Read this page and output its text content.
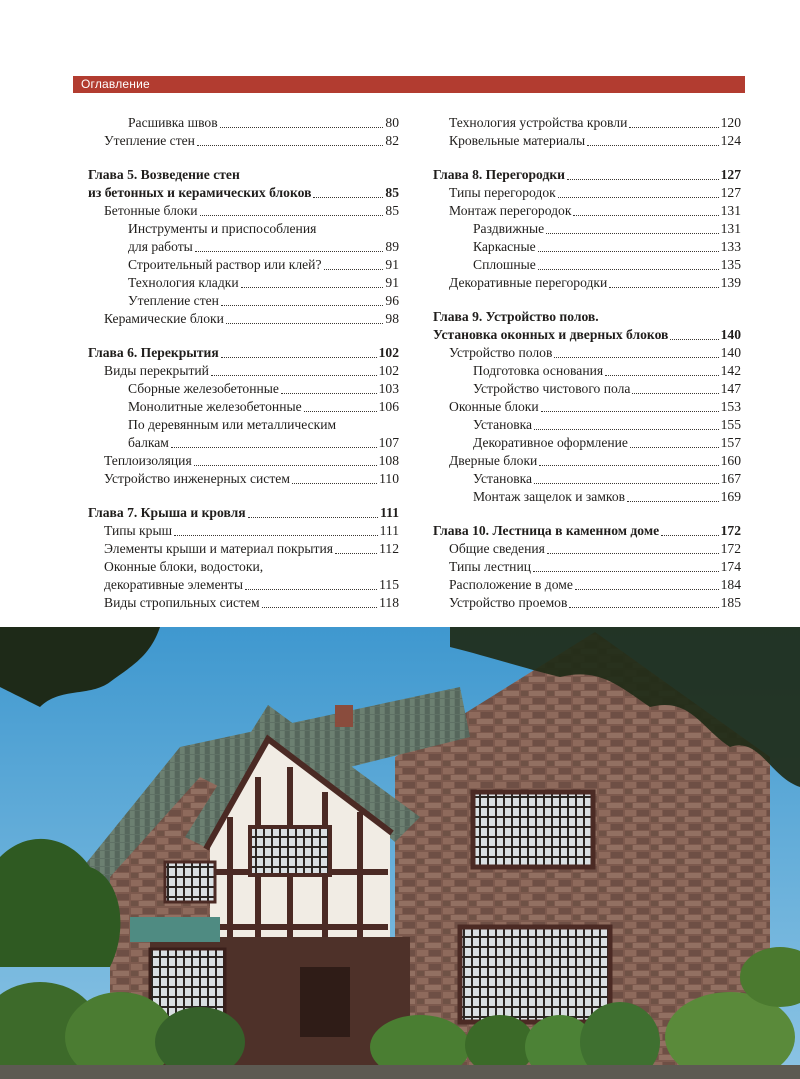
Оглавление
Расшивка швов	80
Утепление стен	82
Глава 5. Возведение стен
из бетонных и керамических блоков	85
Бетонные блоки	85
Инструменты и приспособления
для работы	89
Строительный раствор или клей?	91
Технология кладки	91
Утепление стен	96
Керамические блоки	98
Глава 6. Перекрытия	102
Виды перекрытий	102
Сборные железобетонные	103
Монолитные железобетонные	106
По деревянным или металлическим
балкам	107
Теплоизоляция	108
Устройство инженерных систем	110
Глава 7. Крыша и кровля	111
Типы крыш	111
Элементы крыши и материал покрытия	112
Оконные блоки, водостоки,
декоративные элементы	115
Виды стропильных систем	118
Технология устройства кровли	120
Кровельные материалы	124
Глава 8. Перегородки	127
Типы перегородок	127
Монтаж перегородок	131
Раздвижные	131
Каркасные	133
Сплошные	135
Декоративные перегородки	139
Глава 9. Устройство полов.
Установка оконных и дверных блоков	140
Устройство полов	140
Подготовка основания	142
Устройство чистового пола	147
Оконные блоки	153
Установка	155
Декоративное оформление	157
Дверные блоки	160
Установка	167
Монтаж защелок и замков	169
Глава 10. Лестница в каменном доме	172
Общие сведения	172
Типы лестниц	174
Расположение в доме	184
Устройство проемов	185
